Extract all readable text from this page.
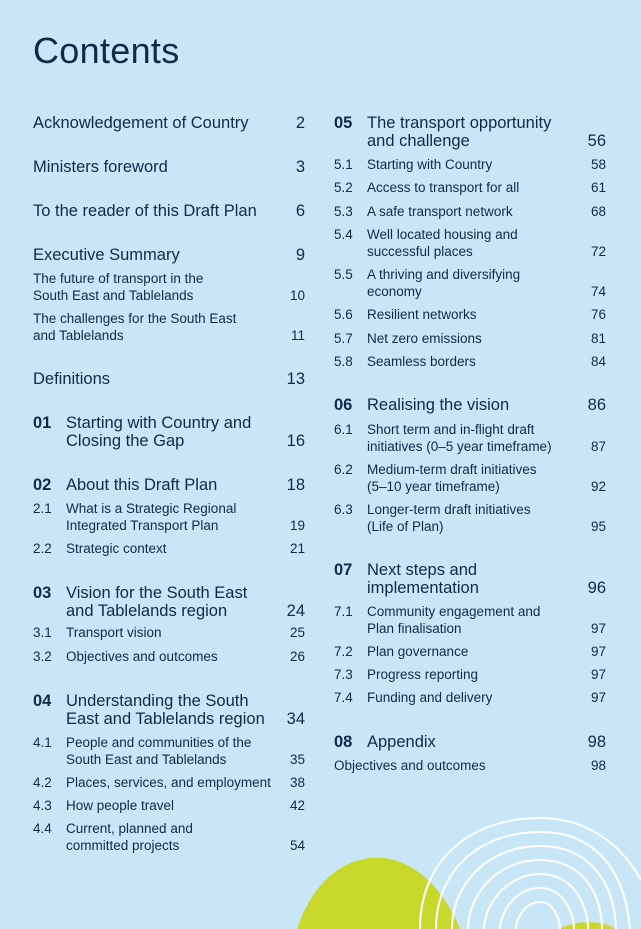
Contents
Acknowledgement of Country	2
Ministers foreword	3
To the reader of this Draft Plan 6
Executive Summary	9
The future of transport in the
South East and Tablelands	10
The challenges for the South East
and Tablelands	11
Definitions	13
01 Starting with Country and
Closing the Gap	16
02 About this Draft Plan	18
2.1 What is a Strategic Regional
Integrated Transport Plan	19
2.2 Strategic context	21
03 Vision for the South East
and Tablelands region	24
3.1 Transport vision	25
3.2 Objectives and outcomes	26
04 Understanding the South
East and Tablelands region 34
4.1 People and communities of the
South East and Tablelands	35
4.2 Places, services, and employment 38
4.3 How people travel	42
4.4 Current, planned and
committed projects	54
05 The transport opportunity
and challenge	56
5.1 Starting with Country	58
5.2 Access to transport for all	61
5.3 A safe transport network	68
5.4 Well located housing and
successful places	72
5.5 A thriving and diversifying
economy	74
5.6 Resilient networks	76
5.7 Net zero emissions	81
5.8 Seamless borders	84
06 Realising the vision	86
6.1 Short term and in-flight draft
initiatives (0–5 year timeframe)	87
6.2 Medium-term draft initiatives
(5–10 year timeframe)	92
6.3 Longer-term draft initiatives
(Life of Plan)	95
07 Next steps and
implementation	96
7.1 Community engagement and
Plan finalisation	97
7.2 Plan governance	97
7.3 Progress reporting	97
7.4 Funding and delivery	97
08 Appendix	98
Objectives and outcomes	98
